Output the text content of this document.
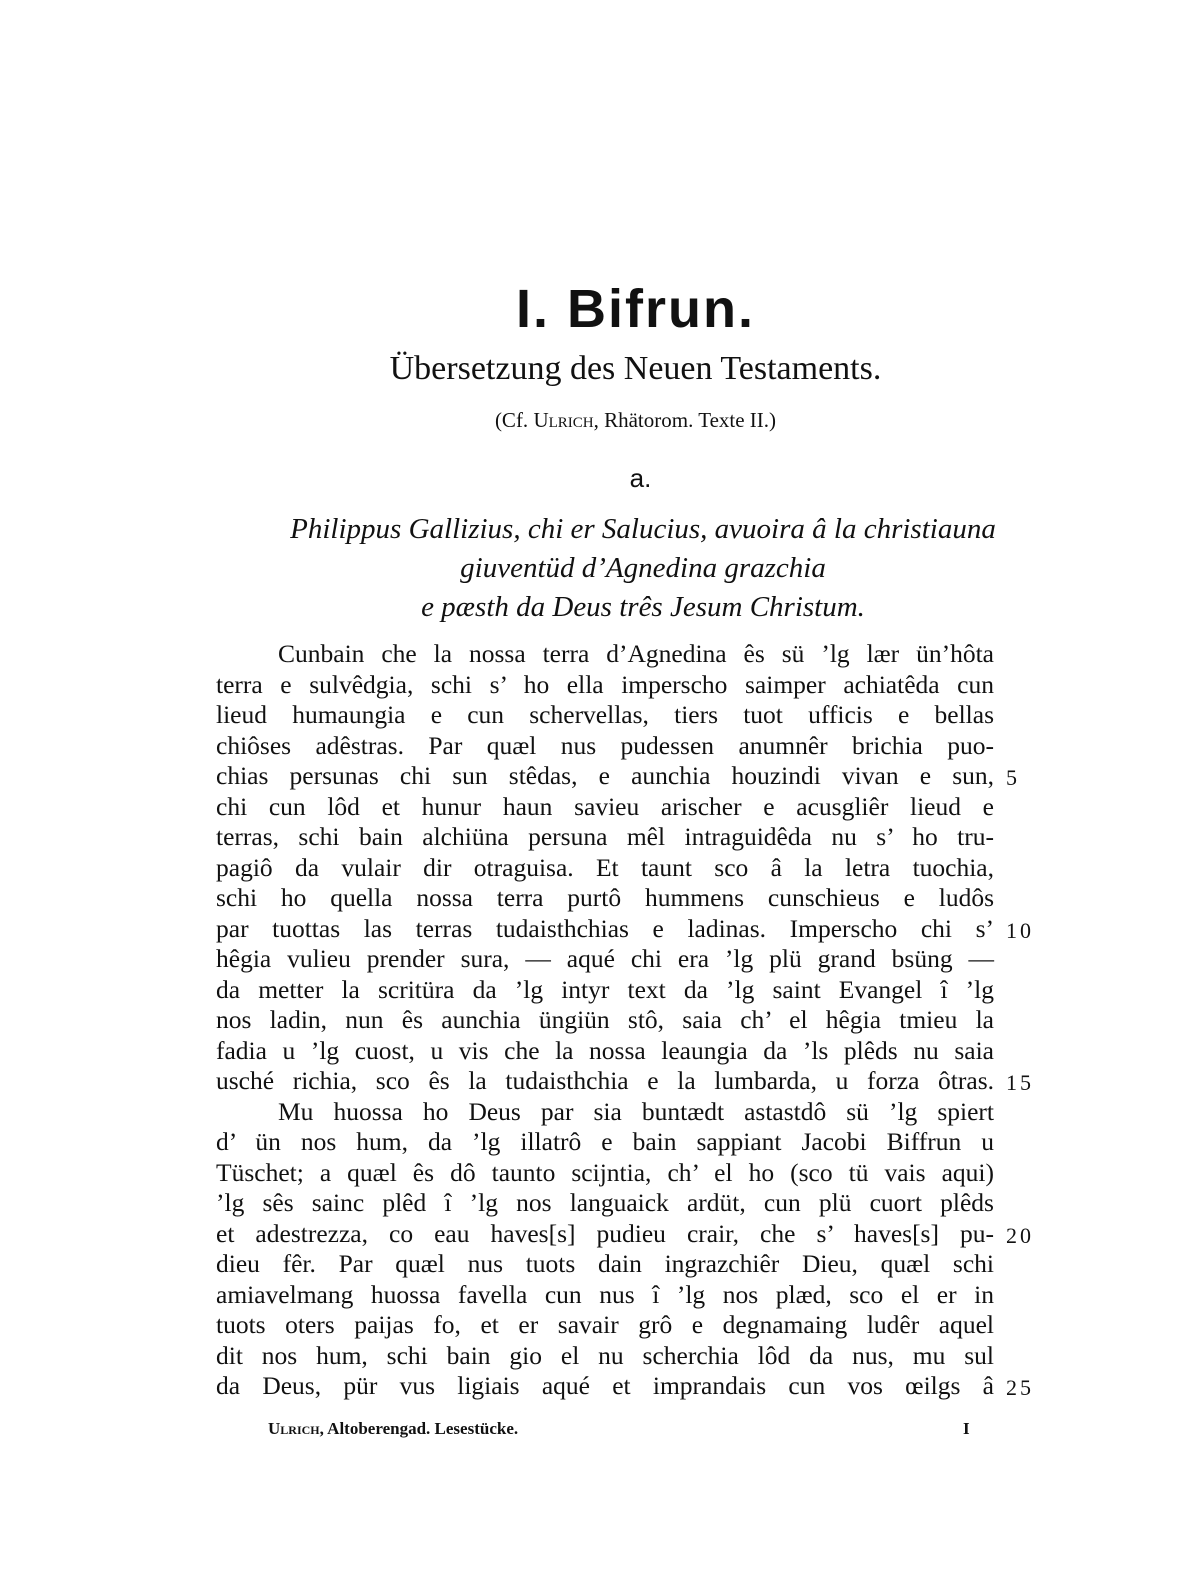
I. Bifrun.
Übersetzung des Neuen Testaments.
(Cf. Ulrich, Rhätorom. Texte II.)
a.
Philippus Gallizius, chi er Salucius, avuoira â la christiauna
giuventüd d’Agnedina grazchia
e pæsth da Deus três Jesum Christum.
Cunbain che la nossa terra d’Agnedina ês sü ’lg lær ün’hôta
terra e sulvêdgia, schi s’ ho ella imperscho saimper achiatêda cun
lieud humaungia e cun schervellas, tiers tuot ufficis e bellas
chiôses adêstras. Par quæl nus pudessen anumnêr brichia puo-
chias persunas chi sun stêdas, e aunchia houzindi vivan e sun,
chi cun lôd et hunur haun savieu arischer e acusgliêr lieud e
terras, schi bain alchiüna persuna mêl intraguidêda nu s’ ho tru-
pagiô da vulair dir otraguisa. Et taunt sco â la letra tuochia,
schi ho quella nossa terra purtô hummens cunschieus e ludôs
par tuottas las terras tudaisthchias e ladinas. Imperscho chi s’
hêgia vulieu prender sura, — aqué chi era ’lg plü grand bsüng —
da metter la scritüra da ’lg intyr text da ’lg saint Evangel î ’lg
nos ladin, nun ês aunchia üngiün stô, saia ch’ el hêgia tmieu la
fadia u ’lg cuost, u vis che la nossa leaungia da ’ls plêds nu saia
usché richia, sco ês la tudaisthchia e la lumbarda, u forza ôtras.
Mu huossa ho Deus par sia buntædt astastdô sü ’lg spiert
d’ ün nos hum, da ’lg illatrô e bain sappiant Jacobi Biffrun u
Tüschet; a quæl ês dô taunto scijntia, ch’ el ho (sco tü vais aqui)
’lg sês sainc plêd î ’lg nos languaick ardüt, cun plü cuort plêds
et adestrezza, co eau haves[s] pudieu crair, che s’ haves[s] pu-
dieu fêr. Par quæl nus tuots dain ingrazchiêr Dieu, quæl schi
amiavelmang huossa favella cun nus î ’lg nos plæd, sco el er in
tuots oters paijas fo, et er savair grô e degnamaing ludêr aquel
dit nos hum, schi bain gio el nu scherchia lôd da nus, mu sul
da Deus, pür vus ligiais aqué et imprandais cun vos œilgs â
5
10
15
20
25
Ulrich, Altoberengad. Lesestücke.	I
